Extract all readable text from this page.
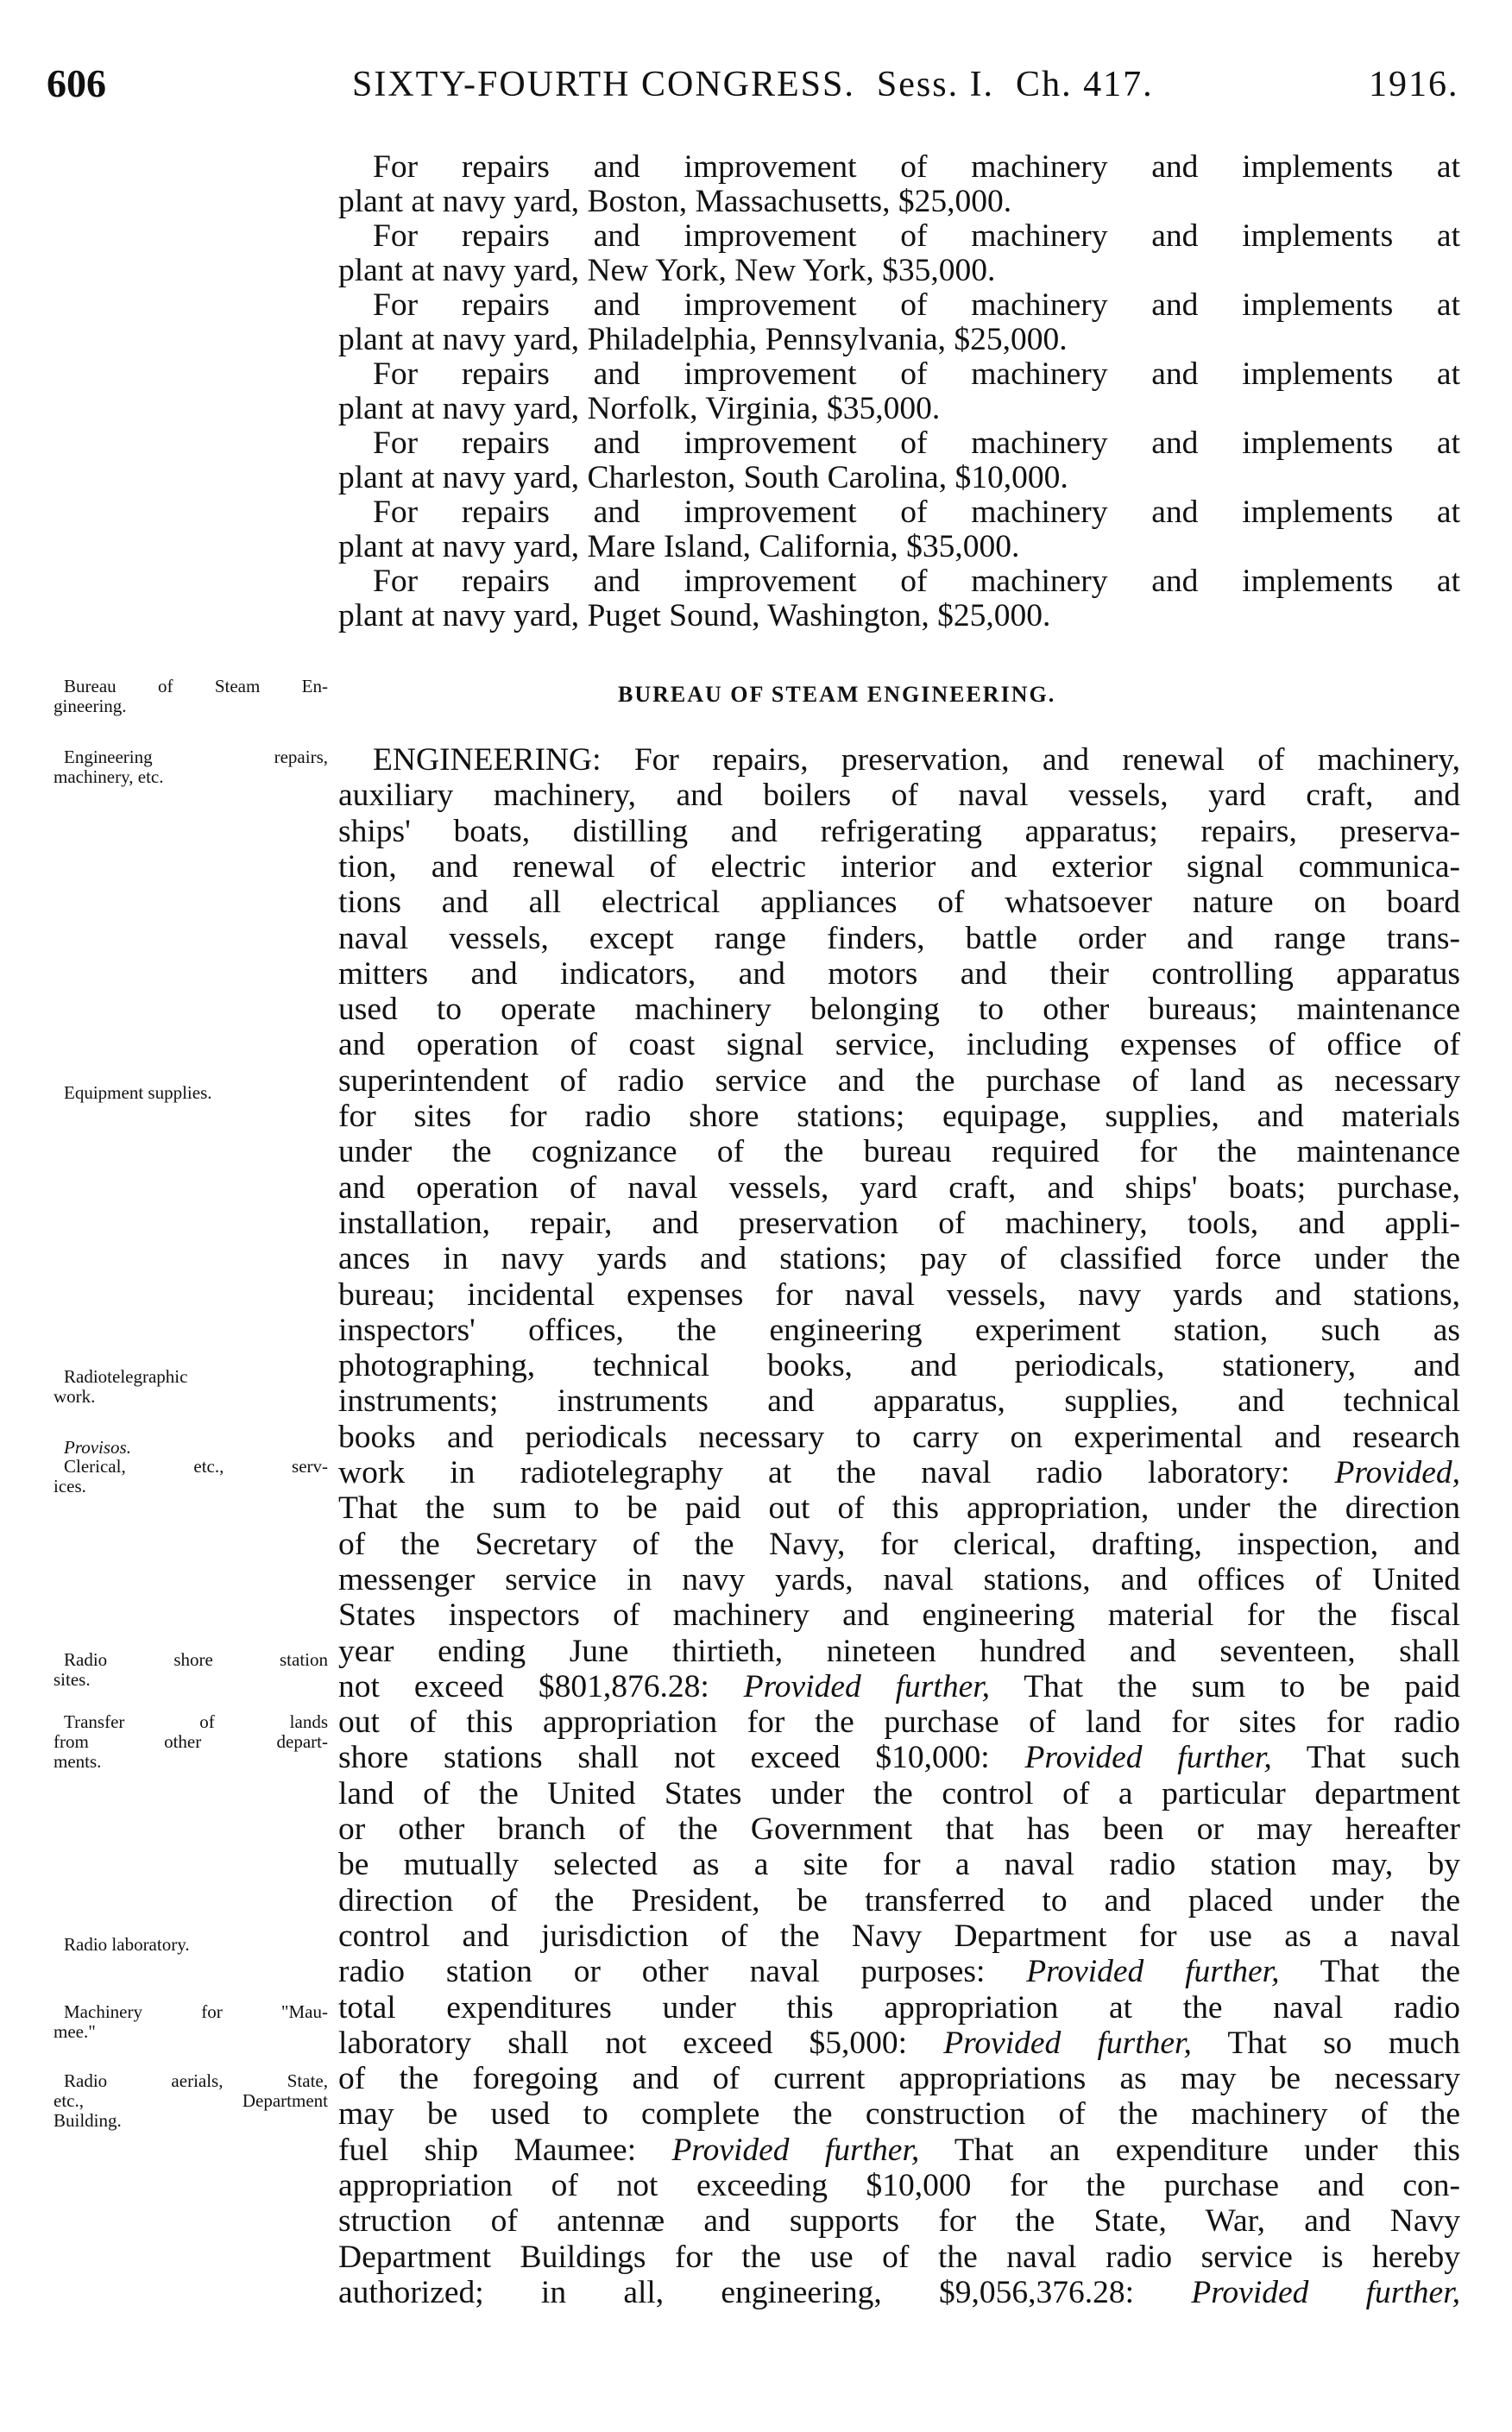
606	SIXTY-FOURTH CONGRESS.  Sess. I.  Ch. 417.	1916.
For repairs and improvement of machinery and implements at
plant at navy yard, Boston, Massachusetts, $25,000.
For repairs and improvement of machinery and implements at
plant at navy yard, New York, New York, $35,000.
For repairs and improvement of machinery and implements at
plant at navy yard, Philadelphia, Pennsylvania, $25,000.
For repairs and improvement of machinery and implements at
plant at navy yard, Norfolk, Virginia, $35,000.
For repairs and improvement of machinery and implements at
plant at navy yard, Charleston, South Carolina, $10,000.
For repairs and improvement of machinery and implements at
plant at navy yard, Mare Island, California, $35,000.
For repairs and improvement of machinery and implements at
plant at navy yard, Puget Sound, Washington, $25,000.
BUREAU OF STEAM ENGINEERING.
ENGINEERING: For repairs, preservation, and renewal of machinery,
auxiliary machinery, and boilers of naval vessels, yard craft, and
ships' boats, distilling and refrigerating apparatus; repairs, preserva-
tion, and renewal of electric interior and exterior signal communica-
tions and all electrical appliances of whatsoever nature on board
naval vessels, except range finders, battle order and range trans-
mitters and indicators, and motors and their controlling apparatus
used to operate machinery belonging to other bureaus; maintenance
and operation of coast signal service, including expenses of office of
superintendent of radio service and the purchase of land as necessary
for sites for radio shore stations; equipage, supplies, and materials
under the cognizance of the bureau required for the maintenance
and operation of naval vessels, yard craft, and ships' boats; purchase,
installation, repair, and preservation of machinery, tools, and appli-
ances in navy yards and stations; pay of classified force under the
bureau; incidental expenses for naval vessels, navy yards and stations,
inspectors' offices, the engineering experiment station, such as
photographing, technical books, and periodicals, stationery, and
instruments; instruments and apparatus, supplies, and technical
books and periodicals necessary to carry on experimental and research
work in radiotelegraphy at the naval radio laboratory: Provided,
That the sum to be paid out of this appropriation, under the direction
of the Secretary of the Navy, for clerical, drafting, inspection, and
messenger service in navy yards, naval stations, and offices of United
States inspectors of machinery and engineering material for the fiscal
year ending June thirtieth, nineteen hundred and seventeen, shall
not exceed $801,876.28: Provided further, That the sum to be paid
out of this appropriation for the purchase of land for sites for radio
shore stations shall not exceed $10,000: Provided further, That such
land of the United States under the control of a particular department
or other branch of the Government that has been or may hereafter
be mutually selected as a site for a naval radio station may, by
direction of the President, be transferred to and placed under the
control and jurisdiction of the Navy Department for use as a naval
radio station or other naval purposes: Provided further, That the
total expenditures under this appropriation at the naval radio
laboratory shall not exceed $5,000: Provided further, That so much
of the foregoing and of current appropriations as may be necessary
may be used to complete the construction of the machinery of the
fuel ship Maumee: Provided further, That an expenditure under this
appropriation of not exceeding $10,000 for the purchase and con-
struction of antennæ and supports for the State, War, and Navy
Department Buildings for the use of the naval radio service is hereby
authorized; in all, engineering, $9,056,376.28: Provided further,
Bureau of Steam En-
gineering.
Engineering repairs,
machinery, etc.
Equipment supplies.
Radiotelegraphic
work.
Provisos.
Clerical, etc., serv-
ices.
Radio shore station
sites.
Transfer of lands
from other depart-
ments.
Radio laboratory.
Machinery for "Mau-
mee."
Radio aerials, State,
etc., Department
Building.
